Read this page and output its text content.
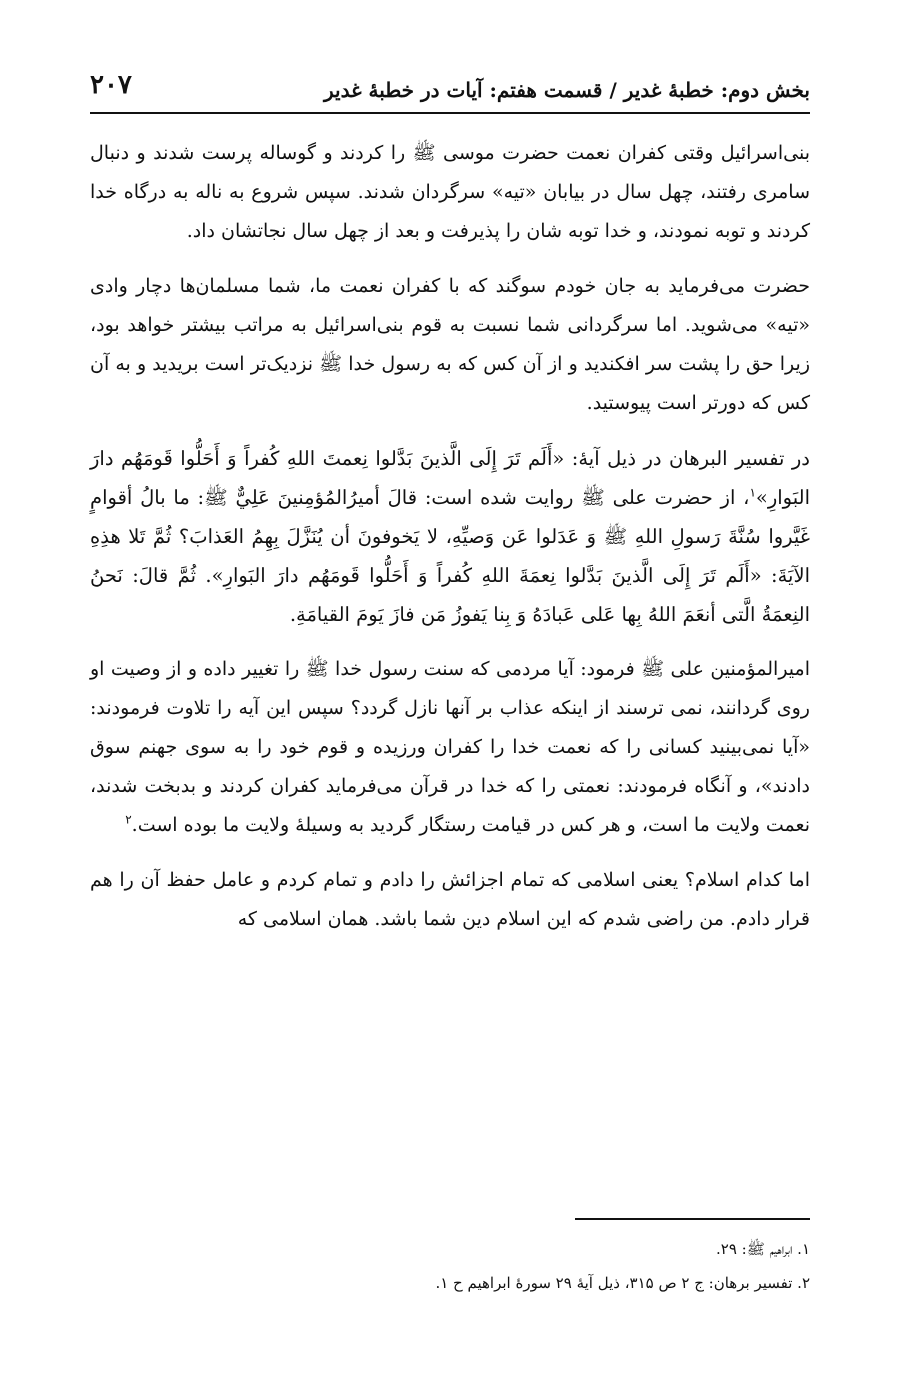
بخش دوم: خطبهٔ غدیر / قسمت هفتم: آیات در خطبهٔ غدیر
۲۰۷

بنی‌اسرائیل وقتی کفران نعمت حضرت موسی ﷺ را کردند و گوساله پرست شدند و دنبال سامری رفتند، چهل سال در بیابان «تیه» سرگردان شدند. سپس شروع به ناله به درگاه خدا کردند و توبه نمودند، و خدا توبه شان را پذیرفت و بعد از چهل سال نجاتشان داد.

حضرت می‌فرماید به جان خودم سوگند که با کفران نعمت ما، شما مسلمان‌ها دچار وادی «تیه» می‌شوید. اما سرگردانی شما نسبت به قوم بنی‌اسرائیل به مراتب بیشتر خواهد بود، زیرا حق را پشت سر افکندید و از آن کس که به رسول خدا ﷺ نزدیک‌تر است بریدید و به آن کس که دورتر است پیوستید.

در تفسیر البرهان در ذیل آیهٔ: «أَلَم تَرَ إِلَى الَّذينَ بَدَّلوا نِعمتَ اللهِ كُفراً وَ أَحَلُّوا قَومَهُم دارَ البَوارِ»$^۱$، از حضرت علی ﷺ روایت شده است: قالَ أميرُالمُؤمِنينَ عَلِيٌّ ﷺ: ما بالُ أقوامٍ غَيَّروا سُنَّةَ رَسولِ اللهِ ﷺ وَ عَدَلوا عَن وَصيِّهِ، لا يَخوفونَ أن يُنَزَّلَ بِهِمُ العَذابَ؟ ثُمَّ تَلا هذِهِ الآيَةَ: «أَلَم تَرَ إِلَى الَّذينَ بَدَّلوا نِعمَةَ اللهِ كُفراً وَ أَحَلُّوا قَومَهُم دارَ البَوارِ». ثُمَّ قالَ: نَحنُ النِعمَةُ الَّتى أنعَمَ اللهُ بِها عَلى عَبادَهُ وَ بِنا يَفوزُ مَن فازَ يَومَ القيامَةِ.

امیرالمؤمنین علی ﷺ فرمود: آیا مردمی که سنت رسول خدا ﷺ را تغییر داده و از وصیت او روی گردانند، نمی ترسند از اینکه عذاب بر آنها نازل گردد؟ سپس این آیه را تلاوت فرمودند: «آیا نمی‌بینید کسانی را که نعمت خدا را کفران ورزیده و قوم خود را به سوی جهنم سوق دادند»، و آنگاه فرمودند: نعمتی را که خدا در قرآن می‌فرماید کفران کردند و بدبخت شدند، نعمت ولایت ما است، و هر کس در قیامت رستگار گردید به وسیلهٔ ولایت ما بوده است.$^۲$

اما کدام اسلام؟ یعنی اسلامی که تمام اجزائش را دادم و تمام کردم و عامل حفظ آن را هم قرار دادم. من راضی شدم که این اسلام دین شما باشد. همان اسلامی که

۱. ابراهیم ﷺ: ۲۹.

۲. تفسیر برهان: ج ۲ ص ۳۱۵، ذیل آیهٔ ۲۹ سورهٔ ابراهیم ح ۱.
